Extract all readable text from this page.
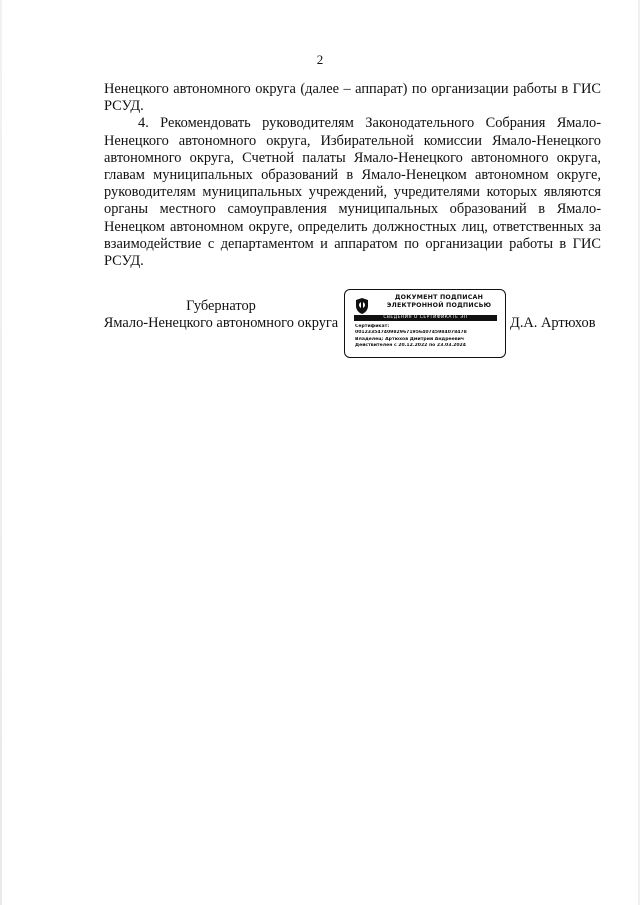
2

Ненецкого автономного округа (далее – аппарат) по организации работы в ГИС РСУД.

4. Рекомендовать руководителям Законодательного Собрания Ямало-Ненецкого автономного округа, Избирательной комиссии Ямало-Ненецкого автономного округа, Счетной палаты Ямало-Ненецкого автономного округа, главам муниципальных образований в Ямало-Ненецком автономном округе, руководителям муниципальных учреждений, учредителями которых являются органы местного самоуправления муниципальных образований в Ямало-Ненецком автономном округе, определить должностных лиц, ответственных за взаимодействие с департаментом и аппаратом по организации работы в ГИС РСУД.

Губернатор
Ямало-Ненецкого автономного округа
ДОКУМЕНТ ПОДПИСАН
ЭЛЕКТРОННОЙ ПОДПИСЬЮ
СВЕДЕНИЯ О СЕРТИФИКАТЕ ЭП
Сертификат:
00123354740982967195640745984078478
Владелец: Артюхов Дмитрий Андреевич
Действителен с 20.12.2022 по 23.03.2024
Д.А. Артюхов
